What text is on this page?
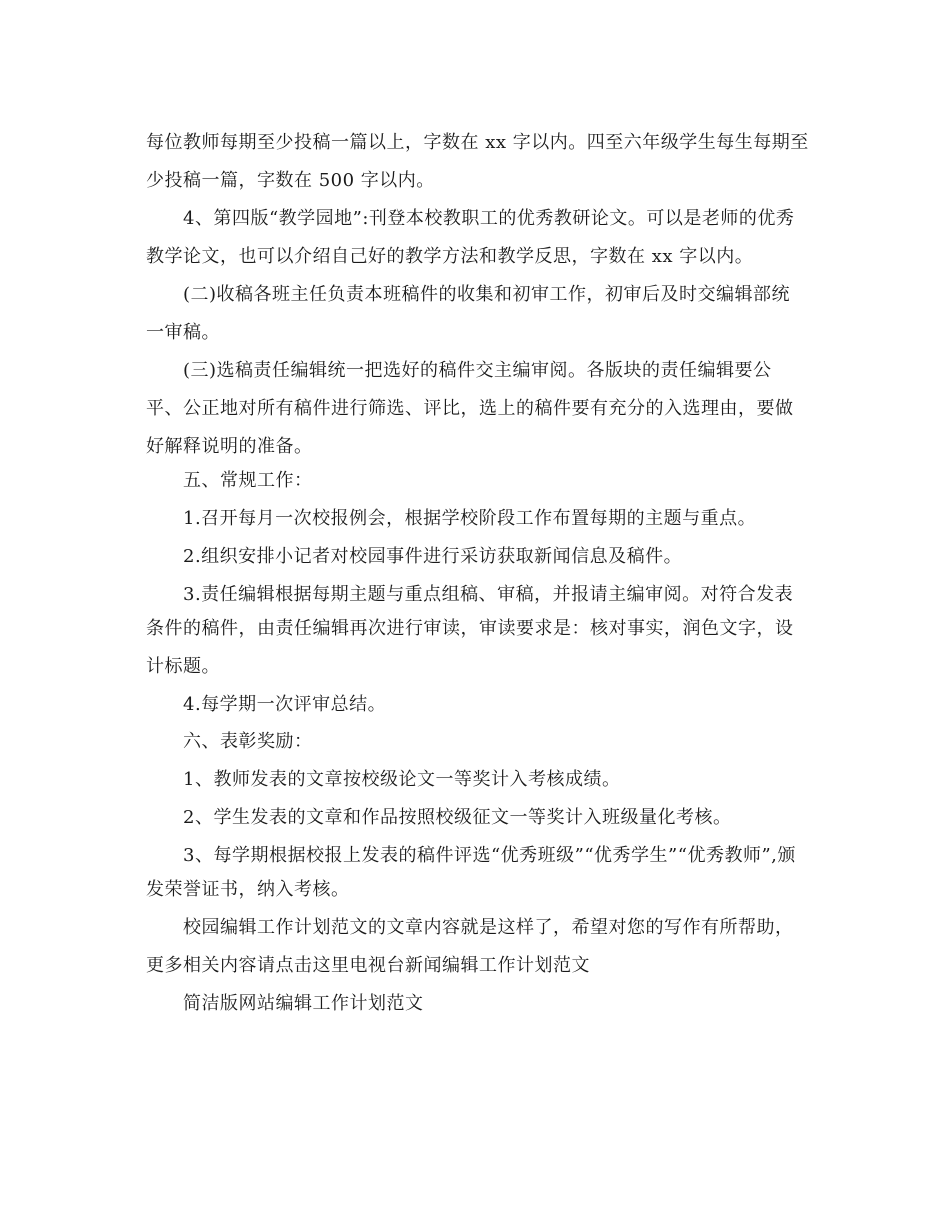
每位教师每期至少投稿一篇以上，字数在 xx 字以内。四至六年级学生每生每期至
少投稿一篇，字数在 500 字以内。
4、第四版“教学园地”:刊登本校教职工的优秀教研论文。可以是老师的优秀
教学论文，也可以介绍自己好的教学方法和教学反思，字数在 xx 字以内。
(二)收稿各班主任负责本班稿件的收集和初审工作，初审后及时交编辑部统
一审稿。
(三)选稿责任编辑统一把选好的稿件交主编审阅。各版块的责任编辑要公
平、公正地对所有稿件进行筛选、评比，选上的稿件要有充分的入选理由，要做
好解释说明的准备。
五、常规工作：
1.召开每月一次校报例会，根据学校阶段工作布置每期的主题与重点。
2.组织安排小记者对校园事件进行采访获取新闻信息及稿件。
3.责任编辑根据每期主题与重点组稿、审稿，并报请主编审阅。对符合发表
条件的稿件，由责任编辑再次进行审读，审读要求是：核对事实，润色文字，设
计标题。
4.每学期一次评审总结。
六、表彰奖励：
1、教师发表的文章按校级论文一等奖计入考核成绩。
2、学生发表的文章和作品按照校级征文一等奖计入班级量化考核。
3、每学期根据校报上发表的稿件评选“优秀班级”“优秀学生”“优秀教师”,颁
发荣誉证书，纳入考核。
校园编辑工作计划范文的文章内容就是这样了，希望对您的写作有所帮助，
更多相关内容请点击这里电视台新闻编辑工作计划范文
简洁版网站编辑工作计划范文
